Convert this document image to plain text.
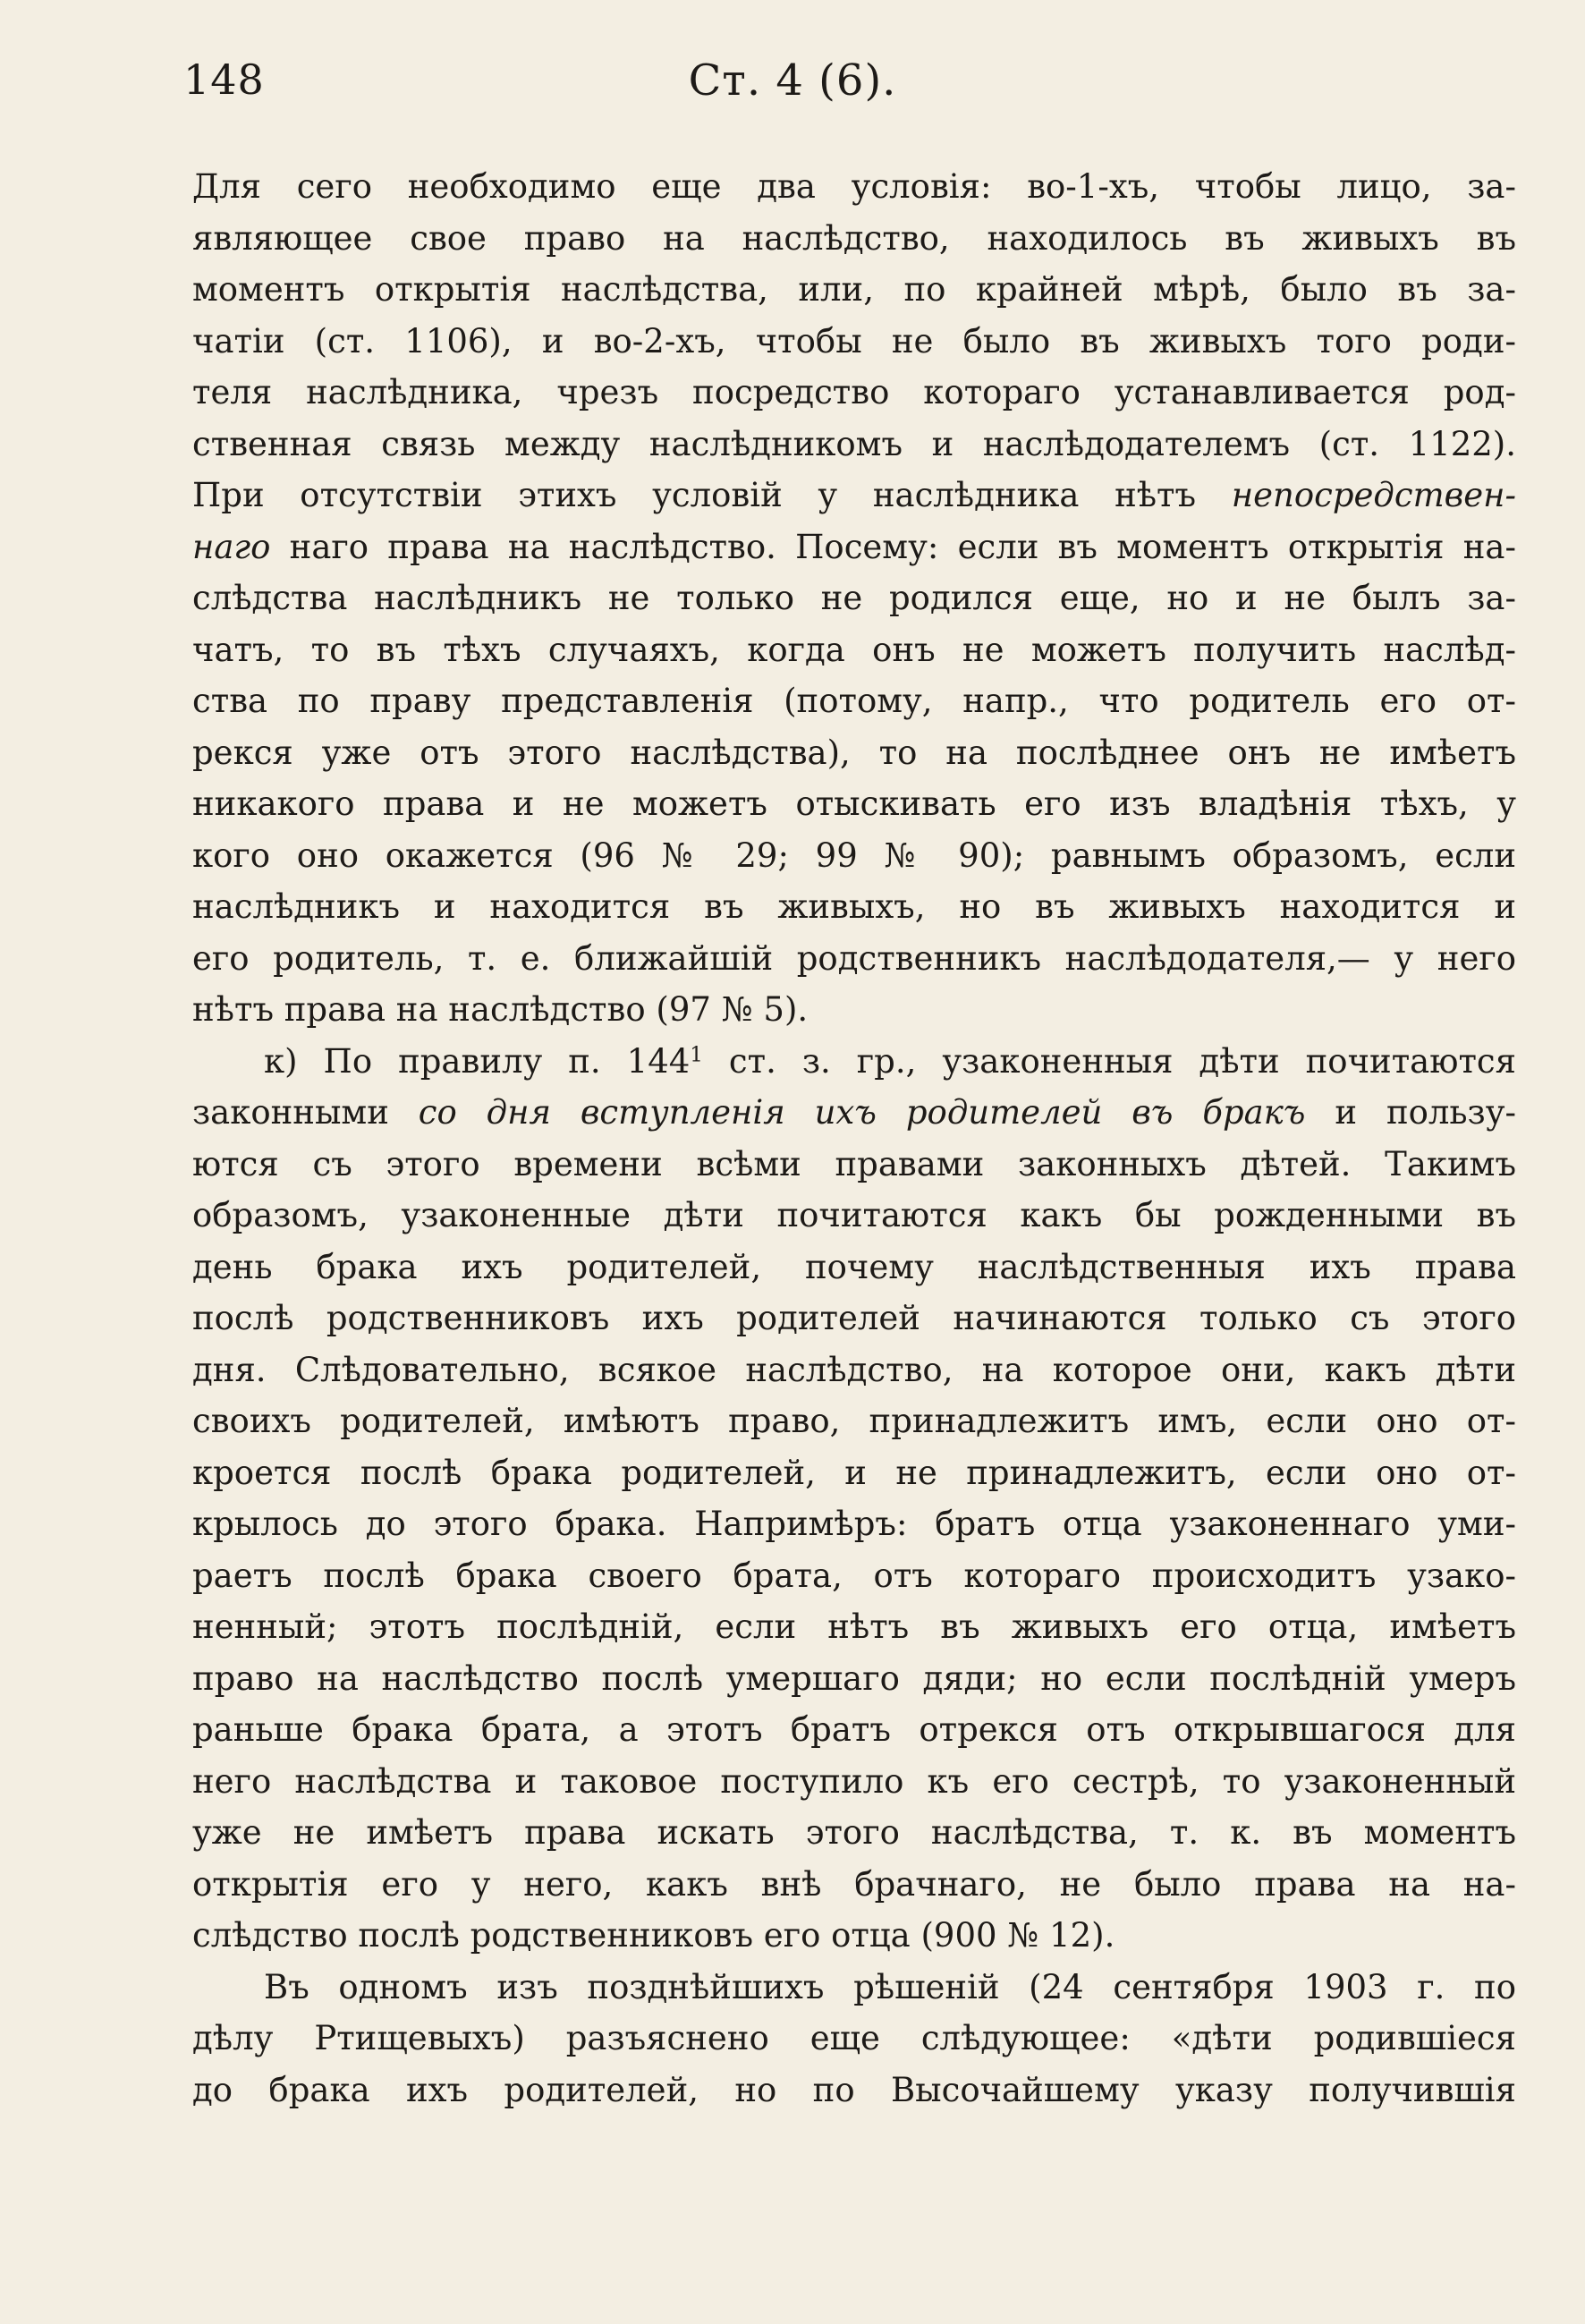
148	Ст. 4 (6).
Для сего необходимо еще два условія: во-1-хъ, чтобы лицо, за-
являющее свое право на наслѣдство, находилось въ живыхъ въ
моментъ открытія наслѣдства, или, по крайней мѣрѣ, было въ за-
чатіи (ст. 1106), и во-2-хъ, чтобы не было въ живыхъ того роди-
теля наслѣдника, чрезъ посредство котораго устанавливается род-
ственная связь между наслѣдникомъ и наслѣдодателемъ (ст. 1122).
При отсутствіи этихъ условій у наслѣдника нѣтъ непосредствен-
наго наго права на наслѣдство. Посему: если въ моментъ открытія на-
слѣдства наслѣдникъ не только не родился еще, но и не былъ за-
чатъ, то въ тѣхъ случаяхъ, когда онъ не можетъ получить наслѣд-
ства по праву представленія (потому, напр., что родитель его от-
рекся уже отъ этого наслѣдства), то на послѣднее онъ не имѣетъ
никакого права и не можетъ отыскивать его изъ владѣнія тѣхъ, у
кого оно окажется (96 № 29; 99 № 90); равнымъ образомъ, если
наслѣдникъ и находится въ живыхъ, но въ живыхъ находится и
его родитель, т. е. ближайшій родственникъ наслѣдодателя,— у него
нѣтъ права на наслѣдство (97 № 5).
к) По правилу п. $144^1$ ст. з. гр., узаконенныя дѣти почитаются
законными со дня вступленія ихъ родителей въ бракъ и пользу-
ются съ этого времени всѣми правами законныхъ дѣтей. Такимъ
образомъ, узаконенные дѣти почитаются какъ бы рожденными въ
день брака ихъ родителей, почему наслѣдственныя ихъ права
послѣ родственниковъ ихъ родителей начинаются только съ этого
дня. Слѣдовательно, всякое наслѣдство, на которое они, какъ дѣти
своихъ родителей, имѣютъ право, принадлежитъ имъ, если оно от-
кроется послѣ брака родителей, и не принадлежитъ, если оно от-
крылось до этого брака. Напримѣръ: братъ отца узаконеннаго уми-
раетъ послѣ брака своего брата, отъ котораго происходитъ узако-
ненный; этотъ послѣдній, если нѣтъ въ живыхъ его отца, имѣетъ
право на наслѣдство послѣ умершаго дяди; но если послѣдній умеръ
раньше брака брата, а этотъ братъ отрекся отъ открывшагося для
него наслѣдства и таковое поступило къ его сестрѣ, то узаконенный
уже не имѣетъ права искать этого наслѣдства, т. к. въ моментъ
открытія его у него, какъ внѣ брачнаго, не было права на на-
слѣдство послѣ родственниковъ его отца (900 № 12).
Въ одномъ изъ позднѣйшихъ рѣшеній (24 сентября 1903 г. по
дѣлу Ртищевыхъ) разъяснено еще слѣдующее: «дѣти родившіеся
до брака ихъ родителей, но по Высочайшему указу получившія
